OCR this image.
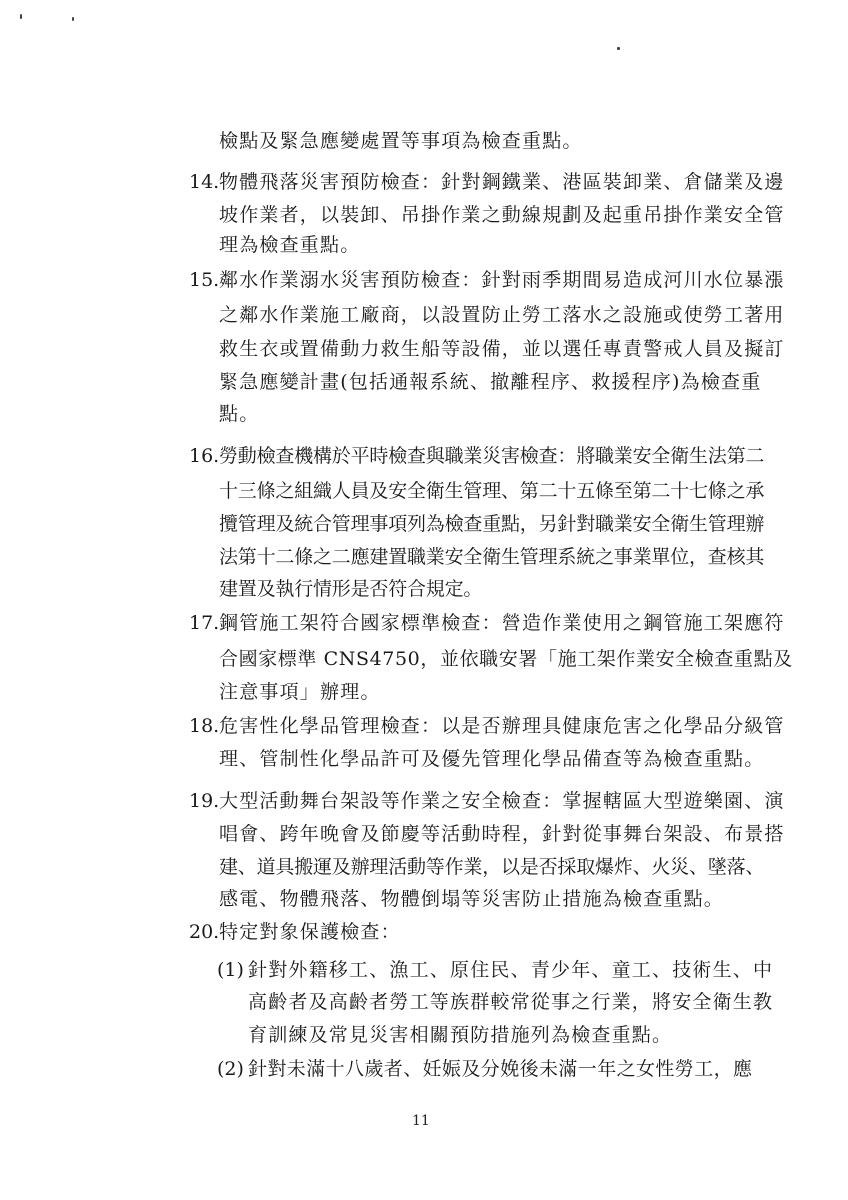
檢點及緊急應變處置等事項為檢查重點。
14. 物體飛落災害預防檢查：針對鋼鐵業、港區裝卸業、倉儲業及邊
坡作業者，以裝卸、吊掛作業之動線規劃及起重吊掛作業安全管
理為檢查重點。
15. 鄰水作業溺水災害預防檢查：針對雨季期間易造成河川水位暴漲
之鄰水作業施工廠商，以設置防止勞工落水之設施或使勞工著用
救生衣或置備動力救生船等設備，並以選任專責警戒人員及擬訂
緊急應變計畫(包括通報系統、撤離程序、救援程序)為檢查重
點。
16. 勞動檢查機構於平時檢查與職業災害檢查：將職業安全衛生法第二
十三條之組織人員及安全衛生管理、第二十五條至第二十七條之承
攬管理及統合管理事項列為檢查重點，另針對職業安全衛生管理辦
法第十二條之二應建置職業安全衛生管理系統之事業單位，查核其
建置及執行情形是否符合規定。
17. 鋼管施工架符合國家標準檢查：營造作業使用之鋼管施工架應符
合國家標準 CNS4750，並依職安署「施工架作業安全檢查重點及
注意事項」辦理。
18. 危害性化學品管理檢查：以是否辦理具健康危害之化學品分級管
理、管制性化學品許可及優先管理化學品備查等為檢查重點。
19. 大型活動舞台架設等作業之安全檢查：掌握轄區大型遊樂園、演
唱會、跨年晚會及節慶等活動時程，針對從事舞台架設、布景搭
建、道具搬運及辦理活動等作業，以是否採取爆炸、火災、墜落、
感電、物體飛落、物體倒塌等災害防止措施為檢查重點。
20. 特定對象保護檢查：
(1) 針對外籍移工、漁工、原住民、青少年、童工、技術生、中
高齡者及高齡者勞工等族群較常從事之行業，將安全衛生教
育訓練及常見災害相關預防措施列為檢查重點。
(2) 針對未滿十八歲者、妊娠及分娩後未滿一年之女性勞工，應
11
